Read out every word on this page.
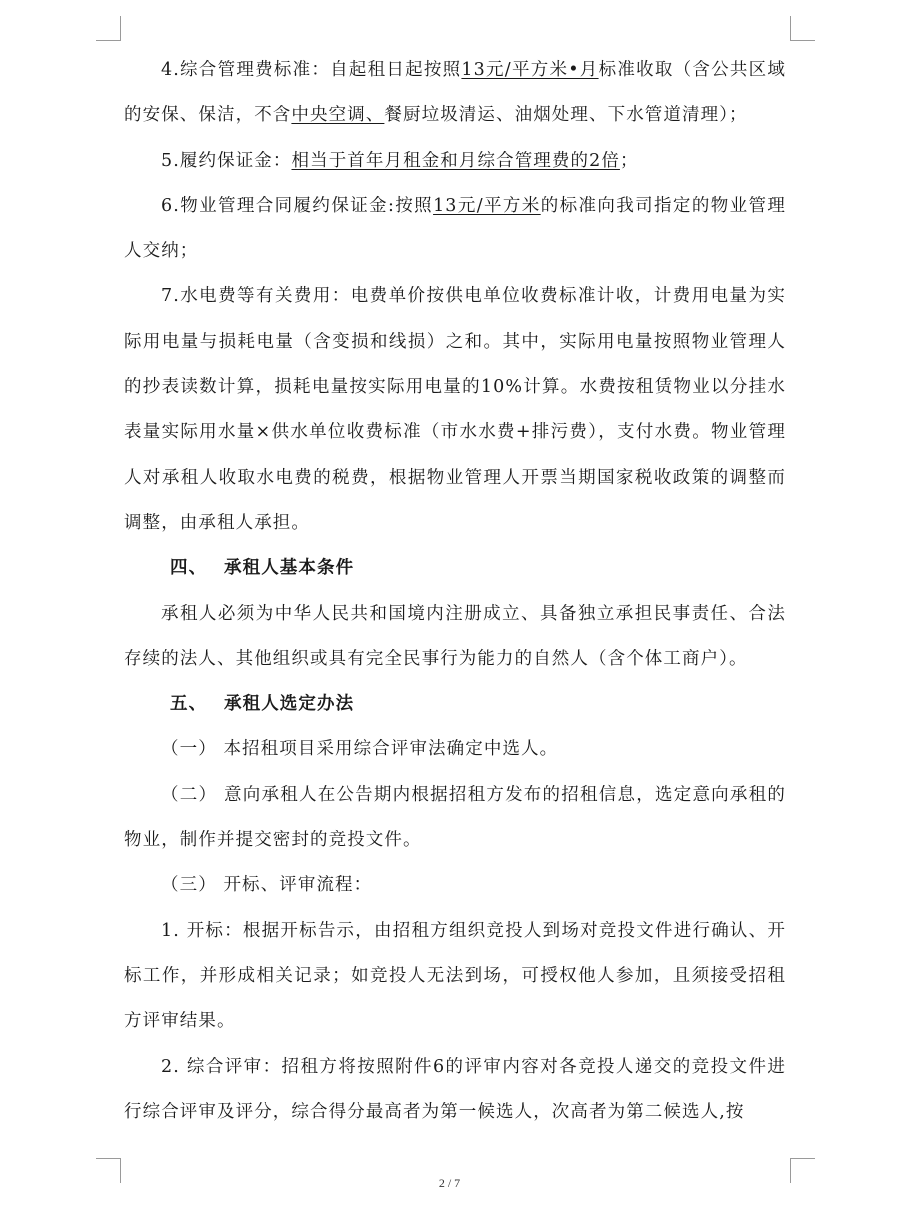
4.综合管理费标准：自起租日起按照13元/平方米•月标准收取（含公共区域的安保、保洁，不含中央空调、餐厨垃圾清运、油烟处理、下水管道清理）；

5.履约保证金：相当于首年月租金和月综合管理费的2倍；

6.物业管理合同履约保证金:按照13元/平方米的标准向我司指定的物业管理人交纳；

7.水电费等有关费用：电费单价按供电单位收费标准计收，计费用电量为实际用电量与损耗电量（含变损和线损）之和。其中，实际用电量按照物业管理人的抄表读数计算，损耗电量按实际用电量的10%计算。水费按租赁物业以分挂水表量实际用水量×供水单位收费标准（市水水费+排污费），支付水费。物业管理人对承租人收取水电费的税费，根据物业管理人开票当期国家税收政策的调整而调整，由承租人承担。

四、 承租人基本条件

承租人必须为中华人民共和国境内注册成立、具备独立承担民事责任、合法存续的法人、其他组织或具有完全民事行为能力的自然人（含个体工商户）。

五、 承租人选定办法

（一） 本招租项目采用综合评审法确定中选人。

（二） 意向承租人在公告期内根据招租方发布的招租信息，选定意向承租的物业，制作并提交密封的竞投文件。

（三） 开标、评审流程：

1. 开标：根据开标告示，由招租方组织竞投人到场对竞投文件进行确认、开标工作，并形成相关记录；如竞投人无法到场，可授权他人参加，且须接受招租方评审结果。

2. 综合评审：招租方将按照附件6的评审内容对各竞投人递交的竞投文件进行综合评审及评分，综合得分最高者为第一候选人，次高者为第二候选人,按

2 / 7
